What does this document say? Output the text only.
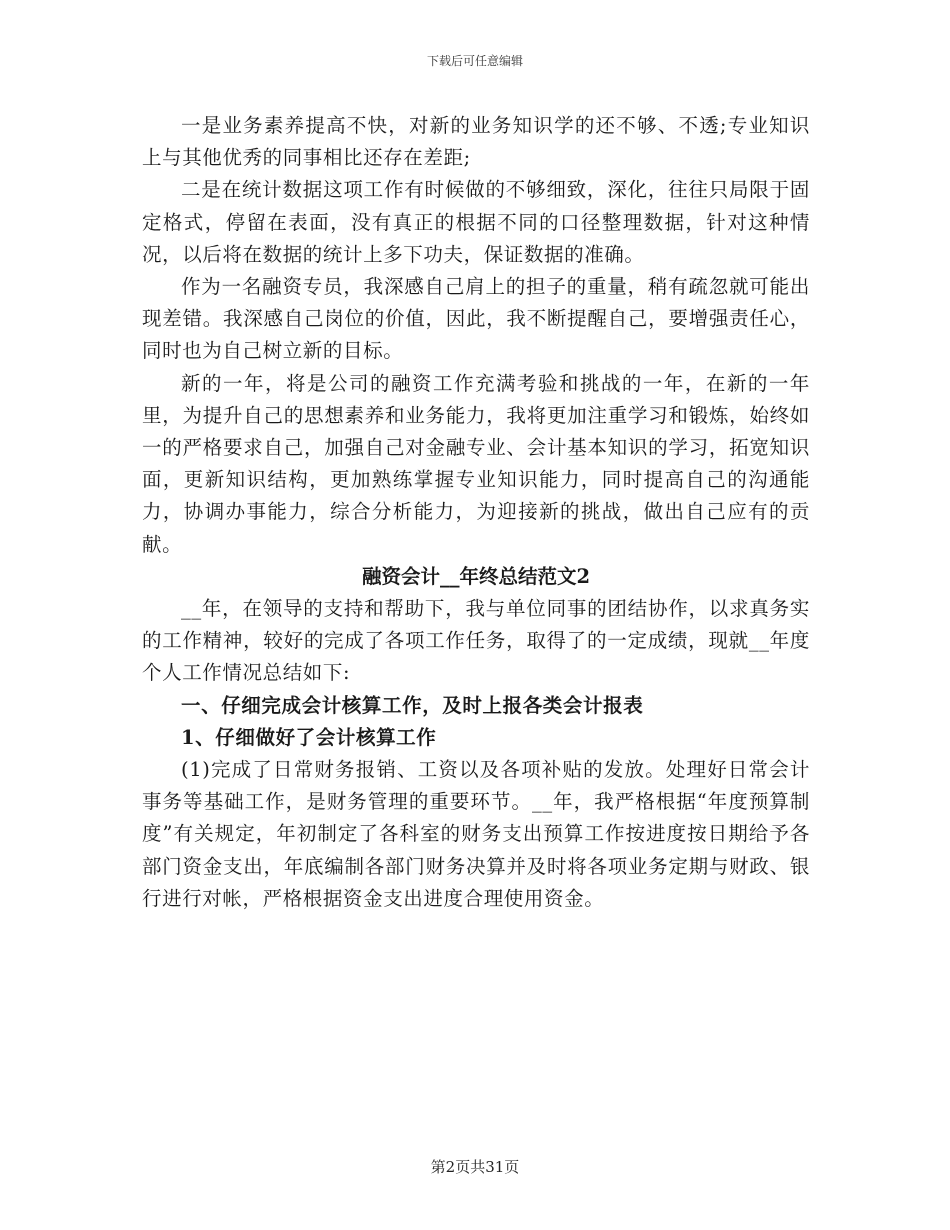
下载后可任意编辑

一是业务素养提高不快，对新的业务知识学的还不够、不透;专业知识上与其他优秀的同事相比还存在差距;

二是在统计数据这项工作有时候做的不够细致，深化，往往只局限于固定格式，停留在表面，没有真正的根据不同的口径整理数据，针对这种情况，以后将在数据的统计上多下功夫，保证数据的准确。

作为一名融资专员，我深感自己肩上的担子的重量，稍有疏忽就可能出现差错。我深感自己岗位的价值，因此，我不断提醒自己，要增强责任心，同时也为自己树立新的目标。

新的一年，将是公司的融资工作充满考验和挑战的一年，在新的一年里，为提升自己的思想素养和业务能力，我将更加注重学习和锻炼，始终如一的严格要求自己，加强自己对金融专业、会计基本知识的学习，拓宽知识面，更新知识结构，更加熟练掌握专业知识能力，同时提高自己的沟通能力，协调办事能力，综合分析能力，为迎接新的挑战，做出自己应有的贡献。

融资会计__年终总结范文2

__年，在领导的支持和帮助下，我与单位同事的团结协作，以求真务实的工作精神，较好的完成了各项工作任务，取得了的一定成绩，现就__年度个人工作情况总结如下:

一、仔细完成会计核算工作，及时上报各类会计报表

1、仔细做好了会计核算工作

(1)完成了日常财务报销、工资以及各项补贴的发放。处理好日常会计事务等基础工作，是财务管理的重要环节。__年，我严格根据“年度预算制度”有关规定，年初制定了各科室的财务支出预算工作按进度按日期给予各部门资金支出，年底编制各部门财务决算并及时将各项业务定期与财政、银行进行对帐，严格根据资金支出进度合理使用资金。

第2页共31页
